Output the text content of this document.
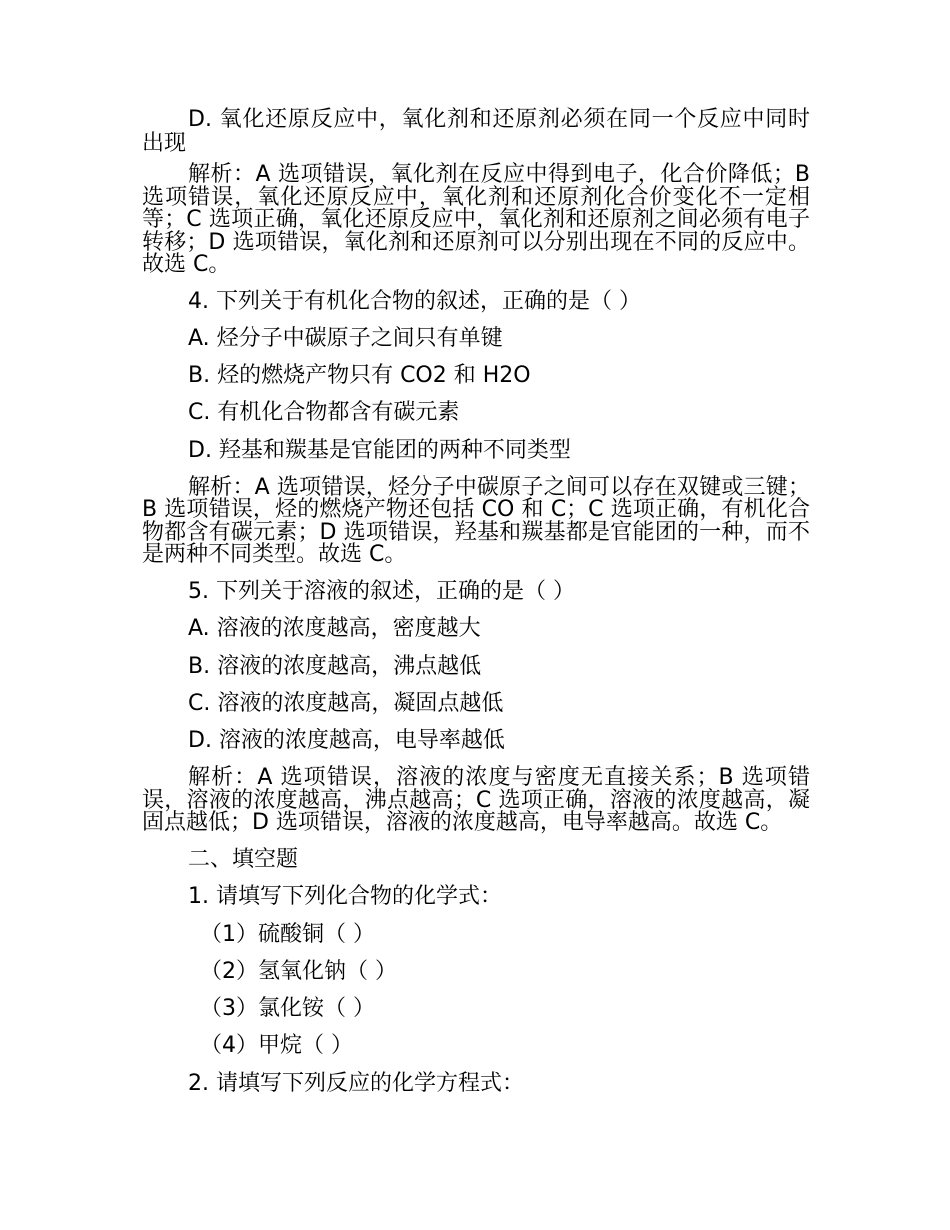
D. 氧化还原反应中，氧化剂和还原剂必须在同一个反应中同时出现
解析：A 选项错误，氧化剂在反应中得到电子，化合价降低；B 选项错误，氧化还原反应中，氧化剂和还原剂化合价变化不一定相等；C 选项正确，氧化还原反应中，氧化剂和还原剂之间必须有电子转移；D 选项错误，氧化剂和还原剂可以分别出现在不同的反应中。故选 C。
4. 下列关于有机化合物的叙述，正确的是（ ）
A. 烃分子中碳原子之间只有单键
B. 烃的燃烧产物只有 CO2 和 H2O
C. 有机化合物都含有碳元素
D. 羟基和羰基是官能团的两种不同类型
解析：A 选项错误，烃分子中碳原子之间可以存在双键或三键；B 选项错误，烃的燃烧产物还包括 CO 和 C；C 选项正确，有机化合物都含有碳元素；D 选项错误，羟基和羰基都是官能团的一种，而不是两种不同类型。故选 C。
5. 下列关于溶液的叙述，正确的是（ ）
A. 溶液的浓度越高，密度越大
B. 溶液的浓度越高，沸点越低
C. 溶液的浓度越高，凝固点越低
D. 溶液的浓度越高，电导率越低
解析：A 选项错误，溶液的浓度与密度无直接关系；B 选项错误，溶液的浓度越高，沸点越高；C 选项正确，溶液的浓度越高，凝固点越低；D 选项错误，溶液的浓度越高，电导率越高。故选 C。
二、填空题
1. 请填写下列化合物的化学式：
（1）硫酸铜（ ）
（2）氢氧化钠（ ）
（3）氯化铵（ ）
（4）甲烷（ ）
2. 请填写下列反应的化学方程式：
